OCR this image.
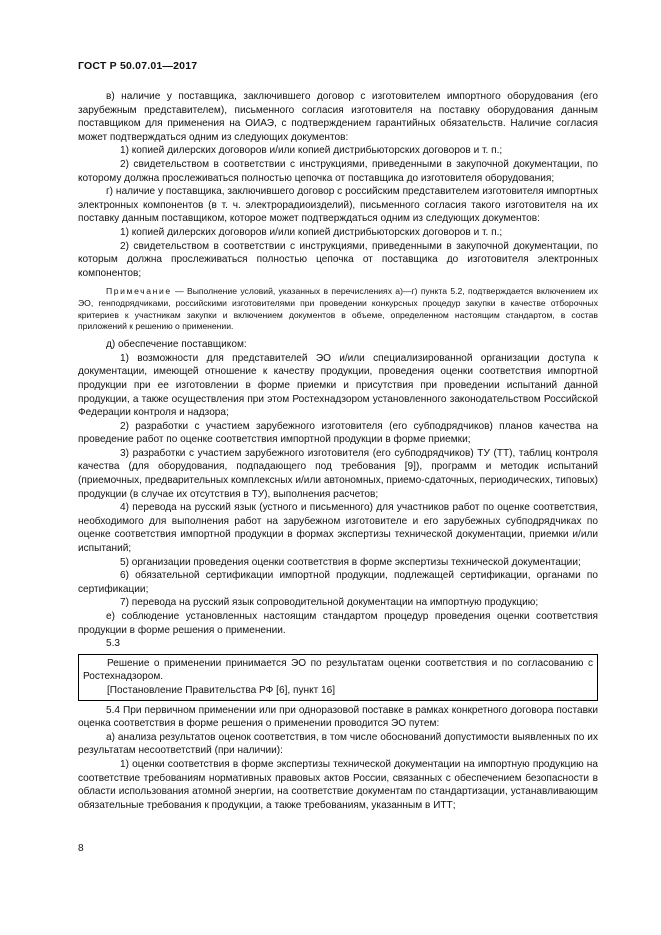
ГОСТ Р 50.07.01—2017

в) наличие у поставщика, заключившего договор с изготовителем импортного оборудования (его зарубежным представителем), письменного согласия изготовителя на поставку оборудования данным поставщиком для применения на ОИАЭ, с подтверждением гарантийных обязательств. Наличие согласия может подтверждаться одним из следующих документов:

1) копией дилерских договоров и/или копией дистрибьюторских договоров и т. п.;

2) свидетельством в соответствии с инструкциями, приведенными в закупочной документации, по которому должна прослеживаться полностью цепочка от поставщика до изготовителя оборудования;

г) наличие у поставщика, заключившего договор с российским представителем изготовителя импортных электронных компонентов (в т. ч. электрорадиоизделий), письменного согласия такого изготовителя на их поставку данным поставщиком, которое может подтверждаться одним из следующих документов:

1) копией дилерских договоров и/или копией дистрибьюторских договоров и т. п.;

2) свидетельством в соответствии с инструкциями, приведенными в закупочной документации, по которым должна прослеживаться полностью цепочка от поставщика до изготовителя электронных компонентов;

Примечание — Выполнение условий, указанных в перечислениях а)—г) пункта 5.2, подтверждается включением их ЭО, генподрядчиками, российскими изготовителями при проведении конкурсных процедур закупки в качестве отборочных критериев к участникам закупки и включением документов в объеме, определенном настоящим стандартом, в состав приложений к решению о применении.

д) обеспечение поставщиком:

1) возможности для представителей ЭО и/или специализированной организации доступа к документации, имеющей отношение к качеству продукции, проведения оценки соответствия импортной продукции при ее изготовлении в форме приемки и присутствия при проведении испытаний данной продукции, а также осуществления при этом Ростехнадзором установленного законодательством Российской Федерации контроля и надзора;

2) разработки с участием зарубежного изготовителя (его субподрядчиков) планов качества на проведение работ по оценке соответствия импортной продукции в форме приемки;

3) разработки с участием зарубежного изготовителя (его субподрядчиков) ТУ (ТТ), таблиц контроля качества (для оборудования, подпадающего под требования [9]), программ и методик испытаний (приемочных, предварительных комплексных и/или автономных, приемо-сдаточных, периодических, типовых) продукции (в случае их отсутствия в ТУ), выполнения расчетов;

4) перевода на русский язык (устного и письменного) для участников работ по оценке соответствия, необходимого для выполнения работ на зарубежном изготовителе и его зарубежных субподрядчиках по оценке соответствия импортной продукции в формах экспертизы технической документации, приемки и/или испытаний;

5) организации проведения оценки соответствия в форме экспертизы технической документации;

6) обязательной сертификации импортной продукции, подлежащей сертификации, органами по сертификации;

7) перевода на русский язык сопроводительной документации на импортную продукцию;

е) соблюдение установленных настоящим стандартом процедур проведения оценки соответствия продукции в форме решения о применении.

5.3

Решение о применении принимается ЭО по результатам оценки соответствия и по согласованию с Ростехнадзором.

[Постановление Правительства РФ [6], пункт 16]

5.4 При первичном применении или при одноразовой поставке в рамках конкретного договора поставки оценка соответствия в форме решения о применении проводится ЭО путем:

а) анализа результатов оценок соответствия, в том числе обоснований допустимости выявленных по их результатам несоответствий (при наличии):

1) оценки соответствия в форме экспертизы технической документации на импортную продукцию на соответствие требованиям нормативных правовых актов России, связанных с обеспечением безопасности в области использования атомной энергии, на соответствие документам по стандартизации, устанавливающим обязательные требования к продукции, а также требованиям, указанным в ИТТ;

8
